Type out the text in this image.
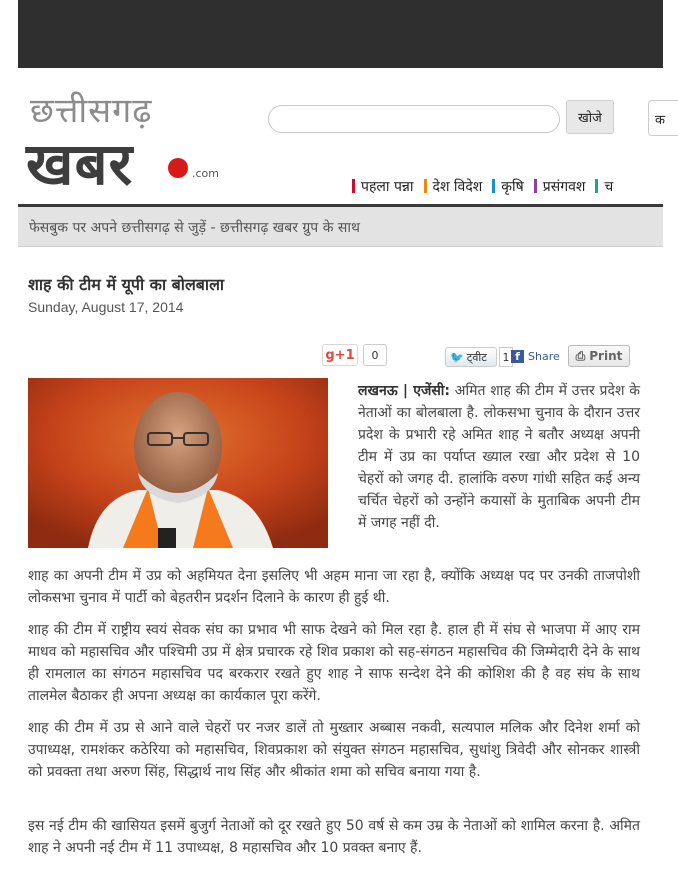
छत्तीसगढ़
खबर	.com
खोजे	क
पहला पन्ना देश विदेश कृषि प्रसंगवश च
फेसबुक पर अपने छत्तीसगढ़ से जुड़ें - छत्तीसगढ़ खबर ग्रुप के साथ
शाह की टीम में यूपी का बोलबाला
Sunday, August 17, 2014
g+1	0	🐦 ट्वीट	1 f Share ⎙ Print
लखनऊ | एजेंसी: अमित शाह की टीम में उत्तर प्रदेश के नेताओं का बोलबाला है. लोकसभा चुनाव के दौरान उत्तर प्रदेश के प्रभारी रहे अमित शाह ने बतौर अध्यक्ष अपनी टीम में उप्र का पर्याप्त ख्याल रखा और प्रदेश से 10 चेहरों को जगह दी. हालांकि वरुण गांधी सहित कई अन्य चर्चित चेहरों को उन्होंने कयासों के मुताबिक अपनी टीम में जगह नहीं दी.
शाह का अपनी टीम में उप्र को अहमियत देना इसलिए भी अहम माना जा रहा है, क्योंकि अध्यक्ष पद पर उनकी ताजपोशी लोकसभा चुनाव में पार्टी को बेहतरीन प्रदर्शन दिलाने के कारण ही हुई थी.
शाह की टीम में राष्ट्रीय स्वयं सेवक संघ का प्रभाव भी साफ देखने को मिल रहा है. हाल ही में संघ से भाजपा में आए राम माधव को महासचिव और पश्चिमी उप्र में क्षेत्र प्रचारक रहे शिव प्रकाश को सह-संगठन महासचिव की जिम्मेदारी देने के साथ ही रामलाल का संगठन महासचिव पद बरकरार रखते हुए शाह ने साफ सन्देश देने की कोशिश की है वह संघ के साथ तालमेल बैठाकर ही अपना अध्यक्ष का कार्यकाल पूरा करेंगे.
शाह की टीम में उप्र से आने वाले चेहरों पर नजर डालें तो मुख्तार अब्बास नकवी, सत्यपाल मलिक और दिनेश शर्मा को उपाध्यक्ष, रामशंकर कठेरिया को महासचिव, शिवप्रकाश को संयुक्त संगठन महासचिव, सुधांशु त्रिवेदी और सोनकर शास्त्री को प्रवक्ता तथा अरुण सिंह, सिद्धार्थ नाथ सिंह और श्रीकांत शमा को सचिव बनाया गया है.
इस नई टीम की खासियत इसमें बुजुर्ग नेताओं को दूर रखते हुए 50 वर्ष से कम उम्र के नेताओं को शामिल करना है. अमित शाह ने अपनी नई टीम में 11 उपाध्यक्ष, 8 महासचिव और 10 प्रवक्त बनाए हैं.
